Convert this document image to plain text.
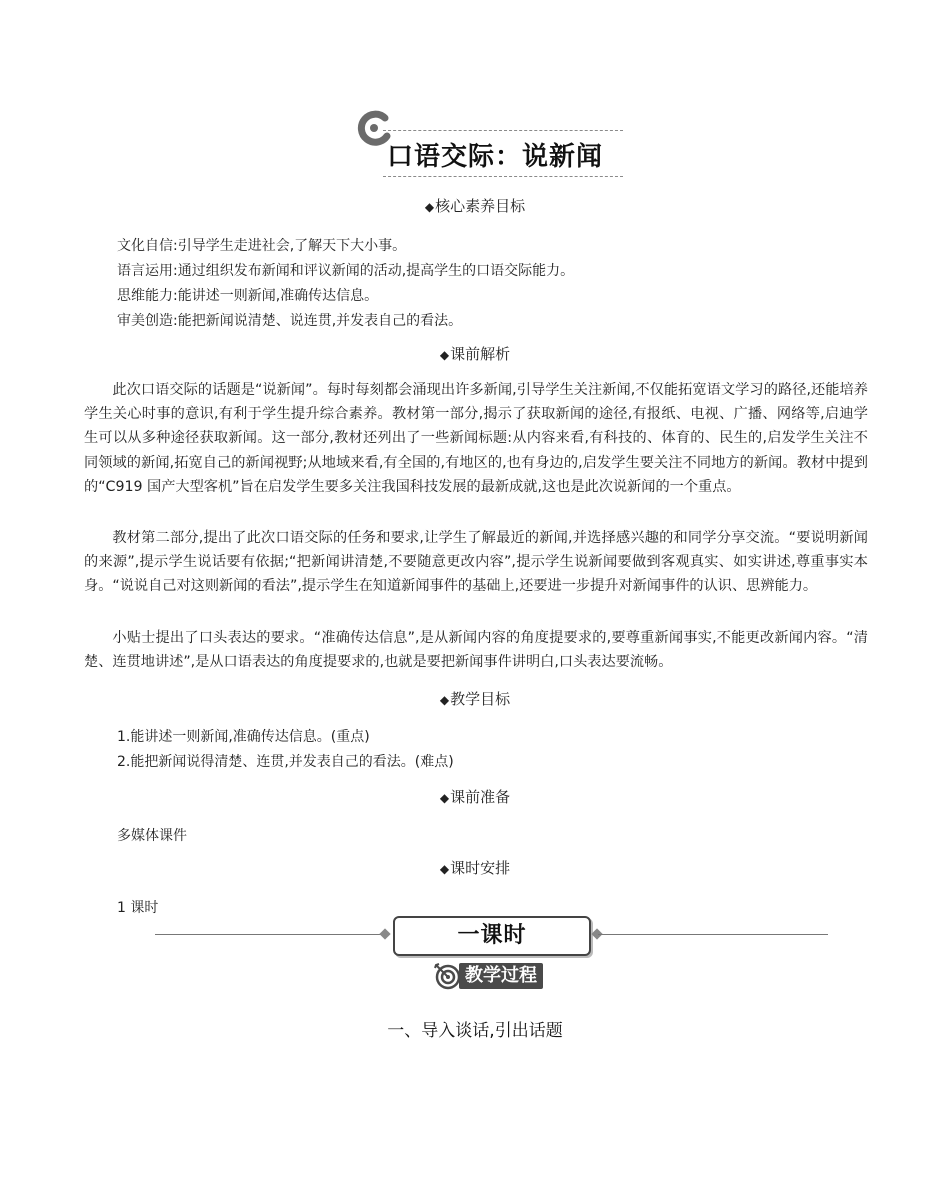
口语交际：说新闻
◆核心素养目标
文化自信:引导学生走进社会,了解天下大小事。
语言运用:通过组织发布新闻和评议新闻的活动,提高学生的口语交际能力。
思维能力:能讲述一则新闻,准确传达信息。
审美创造:能把新闻说清楚、说连贯,并发表自己的看法。
◆课前解析

此次口语交际的话题是“说新闻”。每时每刻都会涌现出许多新闻,引导学生关注新闻,不仅能拓宽语文学习的路径,还能培养学生关心时事的意识,有利于学生提升综合素养。教材第一部分,揭示了获取新闻的途径,有报纸、电视、广播、网络等,启迪学生可以从多种途径获取新闻。这一部分,教材还列出了一些新闻标题:从内容来看,有科技的、体育的、民生的,启发学生关注不同领域的新闻,拓宽自己的新闻视野;从地域来看,有全国的,有地区的,也有身边的,启发学生要关注不同地方的新闻。教材中提到的“C919 国产大型客机”旨在启发学生要多关注我国科技发展的最新成就,这也是此次说新闻的一个重点。

教材第二部分,提出了此次口语交际的任务和要求,让学生了解最近的新闻,并选择感兴趣的和同学分享交流。“要说明新闻的来源”,提示学生说话要有依据;“把新闻讲清楚,不要随意更改内容”,提示学生说新闻要做到客观真实、如实讲述,尊重事实本身。“说说自己对这则新闻的看法”,提示学生在知道新闻事件的基础上,还要进一步提升对新闻事件的认识、思辨能力。

小贴士提出了口头表达的要求。“准确传达信息”,是从新闻内容的角度提要求的,要尊重新闻事实,不能更改新闻内容。“清楚、连贯地讲述”,是从口语表达的角度提要求的,也就是要把新闻事件讲明白,口头表达要流畅。

◆教学目标
1.能讲述一则新闻,准确传达信息。(重点)
2.能把新闻说得清楚、连贯,并发表自己的看法。(难点)
◆课前准备
多媒体课件
◆课时安排
1 课时
一课时
教学过程
一、导入谈话,引出话题
